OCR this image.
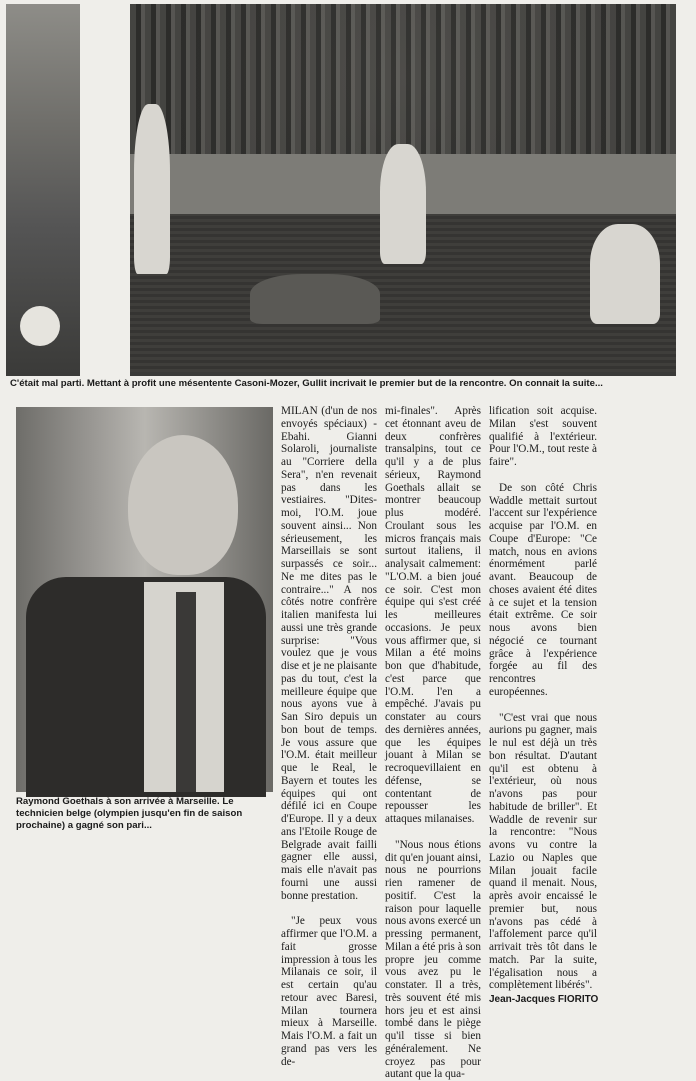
C'était mal parti. Mettant à profit une mésentente Casoni-Mozer, Gullit incrivait le premier but de la rencontre. On connait la suite...
Raymond Goethals à son arrivée à Marseille. Le technicien belge (olympien jusqu'en fin de saison prochaine) a gagné son pari...

MILAN (d'un de nos envoyés spéciaux) - Ebahi. Gianni Solaroli, journaliste au "Corriere della Sera", n'en revenait pas dans les vestiaires. "Dites-moi, l'O.M. joue souvent ainsi... Non sérieusement, les Marseillais se sont surpassés ce soir... Ne me dites pas le contraire..." A nos côtés notre confrère italien manifesta lui aussi une très grande surprise: "Vous voulez que je vous dise et je ne plaisante pas du tout, c'est la meilleure équipe que nous ayons vue à San Siro depuis un bon bout de temps. Je vous assure que l'O.M. était meilleur que le Real, le Bayern et toutes les équipes qui ont défilé ici en Coupe d'Europe. Il y a deux ans l'Etoile Rouge de Belgrade avait failli gagner elle aussi, mais elle n'avait pas fourni une aussi bonne prestation.

"Je peux vous affirmer que l'O.M. a fait grosse impression à tous les Milanais ce soir, il est certain qu'au retour avec Baresi, Milan tournera mieux à Marseille. Mais l'O.M. a fait un grand pas vers les de-

mi-finales". Après cet étonnant aveu de deux confrères transalpins, tout ce qu'il y a de plus sérieux, Raymond Goethals allait se montrer beaucoup plus modéré. Croulant sous les micros français mais surtout italiens, il analysait calmement: "L'O.M. a bien joué ce soir. C'est mon équipe qui s'est créé les meilleures occasions. Je peux vous affirmer que, si Milan a été moins bon que d'habitude, c'est parce que l'O.M. l'en a empêché. J'avais pu constater au cours des dernières années, que les équipes jouant à Milan se recroquevillaient en défense, se contentant de repousser les attaques milanaises.

"Nous nous étions dit qu'en jouant ainsi, nous ne pourrions rien ramener de positif. C'est la raison pour laquelle nous avons exercé un pressing permanent, Milan a été pris à son propre jeu comme vous avez pu le constater. Il a très, très souvent été mis hors jeu et est ainsi tombé dans le piège qu'il tisse si bien généralement. Ne croyez pas pour autant que la qua-

lification soit acquise. Milan s'est souvent qualifié à l'extérieur. Pour l'O.M., tout reste à faire".

De son côté Chris Waddle mettait surtout l'accent sur l'expérience acquise par l'O.M. en Coupe d'Europe: "Ce match, nous en avions énormément parlé avant. Beaucoup de choses avaient été dites à ce sujet et la tension était extrême. Ce soir nous avons bien négocié ce tournant grâce à l'expérience forgée au fil des rencontres européennes.

"C'est vrai que nous aurions pu gagner, mais le nul est déjà un très bon résultat. D'autant qu'il est obtenu à l'extérieur, où nous n'avons pas pour habitude de briller". Et Waddle de revenir sur la rencontre: "Nous avons vu contre la Lazio ou Naples que Milan jouait facile quand il menait. Nous, après avoir encaissé le premier but, nous n'avons pas cédé à l'affolement parce qu'il arrivait très tôt dans le match. Par la suite, l'égalisation nous a complètement libérés".

Jean-Jacques FIORITO
